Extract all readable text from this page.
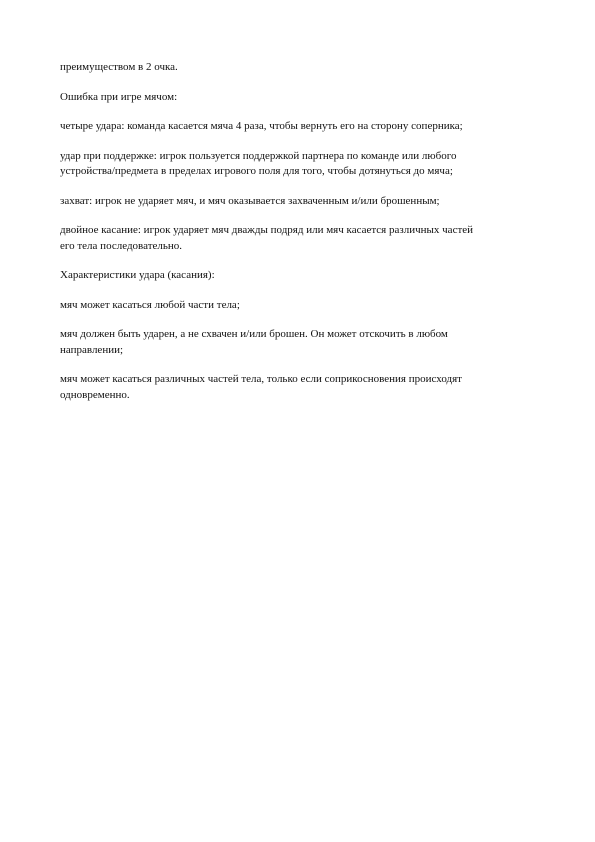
преимуществом в 2 очка.

Ошибка при игре мячом:

четыре удара: команда касается мяча 4 раза, чтобы вернуть его на сторону соперника;

удар при поддержке: игрок пользуется поддержкой партнера по команде или любого
устройства/предмета в пределах игрового поля для того, чтобы дотянуться до мяча;

захват: игрок не ударяет мяч, и мяч оказывается захваченным и/или брошенным;

двойное касание: игрок ударяет мяч дважды подряд или мяч касается различных частей
его тела последовательно.

Характеристики удара (касания):

мяч может касаться любой части тела;

мяч должен быть ударен, а не схвачен и/или брошен. Он может отскочить в любом
направлении;

мяч может касаться различных частей тела, только если соприкосновения происходят
одновременно.
